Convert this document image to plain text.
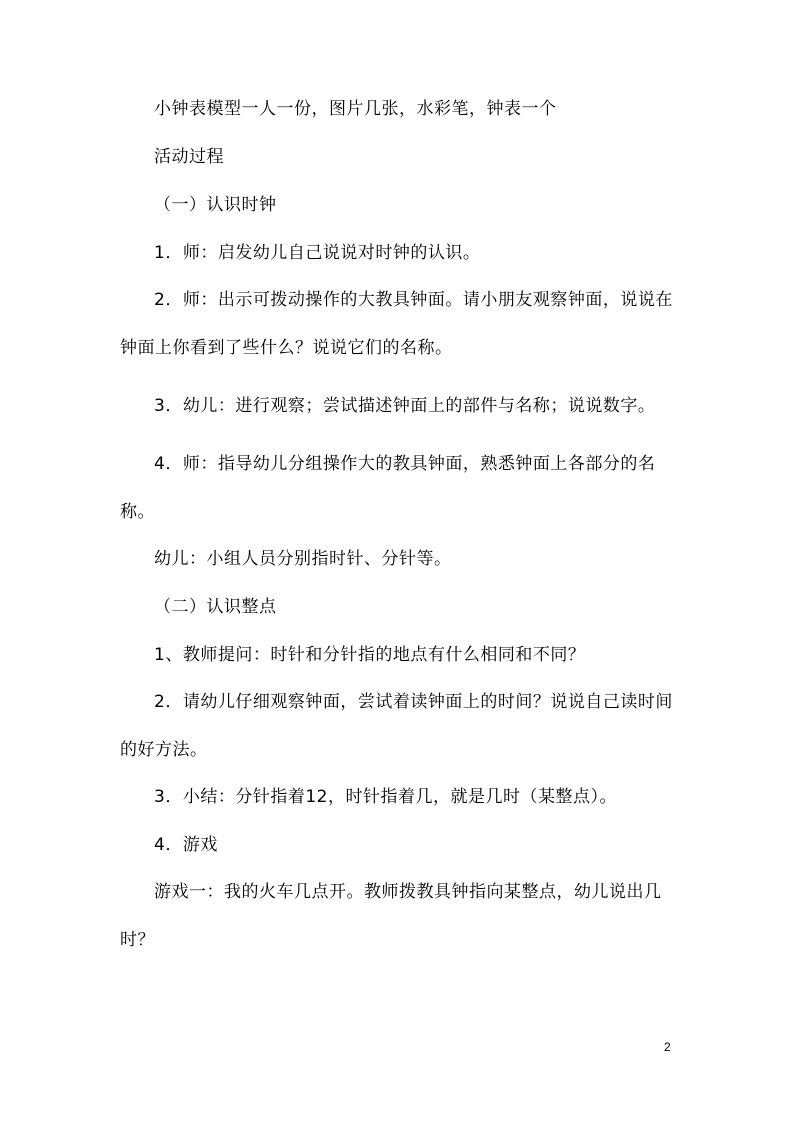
小钟表模型一人一份，图片几张，水彩笔，钟表一个

活动过程

（一）认识时钟

1．师：启发幼儿自己说说对时钟的认识。

2．师：出示可拨动操作的大教具钟面。请小朋友观察钟面，说说在钟面上你看到了些什么？说说它们的名称。

3．幼儿：进行观察；尝试描述钟面上的部件与名称；说说数字。

4．师：指导幼儿分组操作大的教具钟面，熟悉钟面上各部分的名称。

幼儿：小组人员分别指时针、分针等。

（二）认识整点

1、教师提问：时针和分针指的地点有什么相同和不同？

2．请幼儿仔细观察钟面，尝试着读钟面上的时间？说说自己读时间的好方法。

3．小结：分针指着12，时针指着几，就是几时（某整点）。

4．游戏

游戏一：我的火车几点开。教师拨教具钟指向某整点，幼儿说出几时？

2
